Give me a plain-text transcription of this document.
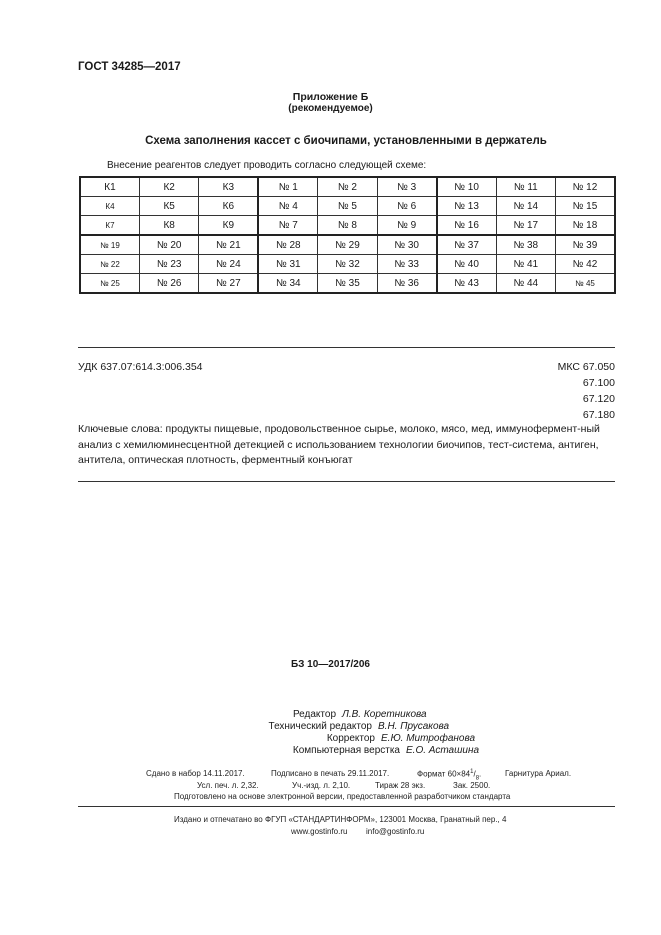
ГОСТ 34285—2017
Приложение Б
(рекомендуемое)
Схема заполнения кассет с биочипами, установленными в держатель
Внесение реагентов следует проводить согласно следующей схеме:
К1	К2	К3	№ 1	№ 2	№ 3	№ 10	№ 11	№ 12
К4	К5	К6	№ 4	№ 5	№ 6	№ 13	№ 14	№ 15
К7	К8	К9	№ 7	№ 8	№ 9	№ 16	№ 17	№ 18
№ 19	№ 20	№ 21	№ 28	№ 29	№ 30	№ 37	№ 38	№ 39
№ 22	№ 23	№ 24	№ 31	№ 32	№ 33	№ 40	№ 41	№ 42
№ 25	№ 26	№ 27	№ 34	№ 35	№ 36	№ 43	№ 44	№ 45
УДК 637.07:614.3:006.354	МКС 67.050
67.100
67.120
67.180
Ключевые слова: продукты пищевые, продовольственное сырье, молоко, мясо, мед, иммунофермент-ный анализ с хемилюминесцентной детекцией с использованием технологии биочипов, тест-система, антиген, антитела, оптическая плотность, ферментный конъюгат
БЗ 10—2017/206
Редактор Л.В. Коретникова
Технический редактор В.Н. Прусакова
Корректор Е.Ю. Митрофанова
Компьютерная верстка Е.О. Асташина
Сдано в набор 14.11.2017.	Подписано в печать 29.11.2017.	Формат $60\times 84^1/_8$.	Гарнитура Ариал.
Усл. печ. л. 2,32.	Уч.-изд. л. 2,10.	Тираж 28 экз.	Зак. 2500.
Подготовлено на основе электронной версии, предоставленной разработчиком стандарта
Издано и отпечатано во ФГУП «СТАНДАРТИНФОРМ», 123001 Москва, Гранатный пер., 4
www.gostinfo.ru info@gostinfo.ru
